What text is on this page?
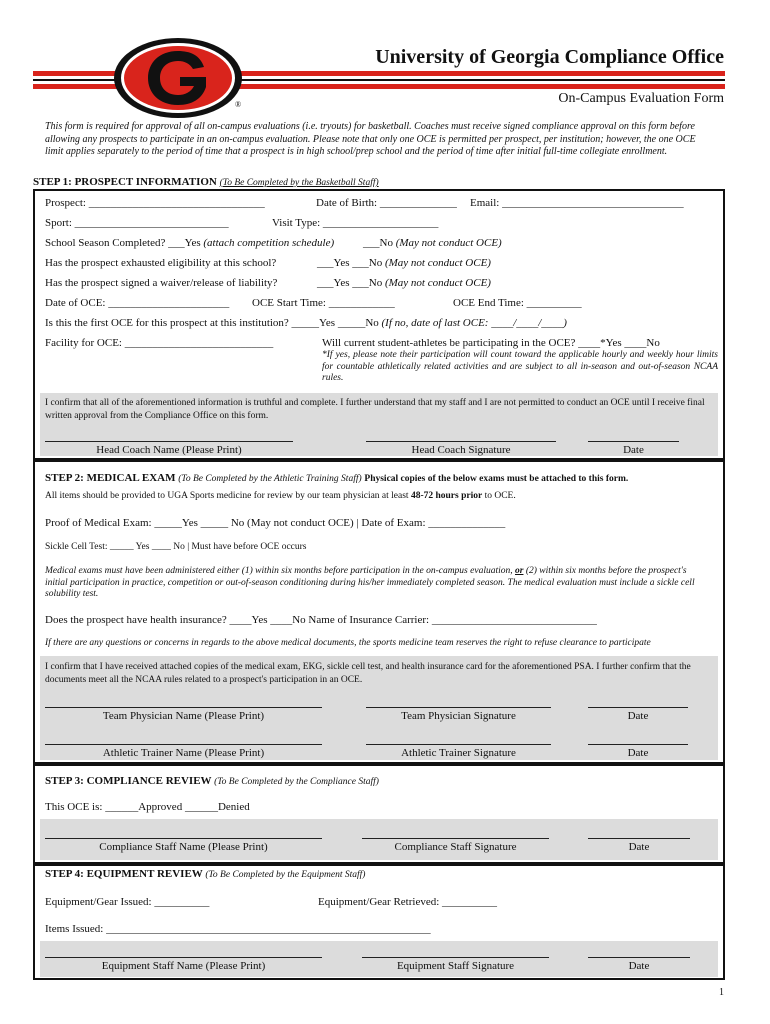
®
University of Georgia Compliance Office
On-Campus Evaluation Form
This form is required for approval of all on-campus evaluations (i.e. tryouts) for basketball. Coaches must receive signed compliance approval on this form before allowing any prospects to participate in an on-campus evaluation. Please note that only one OCE is permitted per prospect, per institution; however, the one OCE limit applies separately to the period of time that a prospect is in high school/prep school and the period of time after initial full-time collegiate enrollment.
STEP 1: PROSPECT INFORMATION (To Be Completed by the Basketball Staff)
Prospect: ________________________________	Date of Birth: ______________ Email: _________________________________
Sport: ____________________________	Visit Type: _____________________
School Season Completed? ___Yes (attach competition schedule)	___No (May not conduct OCE)
Has the prospect exhausted eligibility at this school?	___Yes ___No (May not conduct OCE)
Has the prospect signed a waiver/release of liability?	___Yes ___No (May not conduct OCE)
Date of OCE: ______________________ OCE Start Time: ____________	OCE End Time: __________
Is this the first OCE for this prospect at this institution? _____Yes _____No (If no, date of last OCE: ____/____/____)
Facility for OCE: ___________________________	Will current student-athletes be participating in the OCE? ____*Yes ____No
*If yes, please note their participation will count toward the applicable hourly and weekly hour limits for countable athletically related activities and are subject to all in-season and out-of-season NCAA rules.
I confirm that all of the aforementioned information is truthful and complete. I further understand that my staff and I are not permitted to conduct an OCE until I receive final written approval from the Compliance Office on this form.
Head Coach Name (Please Print)	Head Coach Signature	Date
STEP 2: MEDICAL EXAM (To Be Completed by the Athletic Training Staff) Physical copies of the below exams must be attached to this form.
All items should be provided to UGA Sports medicine for review by our team physician at least 48-72 hours prior to OCE.
Proof of Medical Exam: _____Yes _____ No (May not conduct OCE) | Date of Exam: ______________
Sickle Cell Test: _____ Yes ____ No | Must have before OCE occurs
Medical exams must have been administered either (1) within six months before participation in the on-campus evaluation, or (2) within six months before the prospect's initial participation in practice, competition or out-of-season conditioning during his/her immediately completed season. The medical evaluation must include a sickle cell solubility test.
Does the prospect have health insurance? ____Yes ____No Name of Insurance Carrier: ______________________________
If there are any questions or concerns in regards to the above medical documents, the sports medicine team reserves the right to refuse clearance to participate
I confirm that I have received attached copies of the medical exam, EKG, sickle cell test, and health insurance card for the aforementioned PSA. I further confirm that the documents meet all the NCAA rules related to a prospect's participation in an OCE.
Team Physician Name (Please Print)	Team Physician Signature	Date
Athletic Trainer Name (Please Print)	Athletic Trainer Signature	Date
STEP 3: COMPLIANCE REVIEW (To Be Completed by the Compliance Staff)
This OCE is: ______Approved ______Denied
Compliance Staff Name (Please Print)	Compliance Staff Signature	Date
STEP 4: EQUIPMENT REVIEW (To Be Completed by the Equipment Staff)
Equipment/Gear Issued: __________	Equipment/Gear Retrieved: __________
Items Issued: ___________________________________________________________
Equipment Staff Name (Please Print)	Equipment Staff Signature	Date
1
